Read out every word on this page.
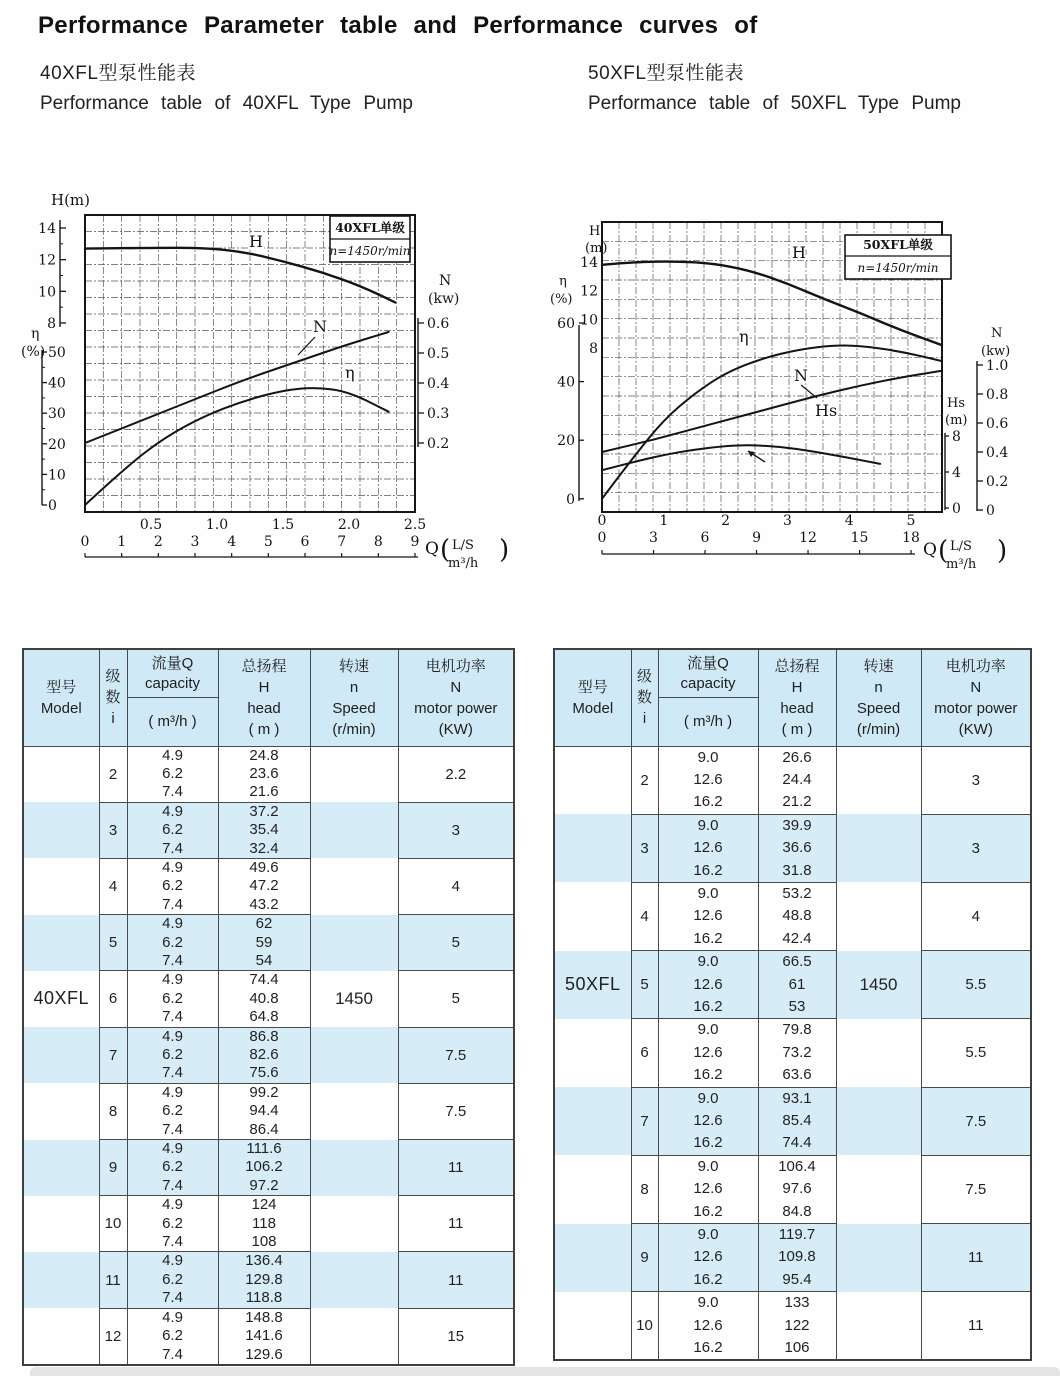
Performance Parameter table and Performance curves of
40XFL型泵性能表
Performance table of 40XFL Type Pump
50XFL型泵性能表
Performance table of 50XFL Type Pump
H(m)
14
12
10
8
η
(%) 50
40
30
20
10
0
N
(kw)
0.6
0.5
0.4
0.3
0.2
0.5	1.0	1.5	2.0	2.5
0 1 2 3 4 5 6 7 8 9 Q ( L/S
m³/h )
40XFL单级
n=1450r/min
H
N
η
H
(m)
14
12
10
8
η
(%)
60
40
20
0
N
(kw)
1.0
0.8
0.6
0.4
0.2
0
Hs
(m)
8
4
0
0	1	2	3	4	5
0	3	6	9	12 15 18
Q ( L/S
m³/h )
50XFL单级
n=1450r/min
H
η
N
Hs
型号
Model

级
数
i

流量Q
capacity
( m³/h )

总扬程
H
head
( m )

转速
n
Speed
(r/min)

电机功率
N
motor power
(KW)

	2	
4.9
6.2
7.4

24.8
23.6
21.6
		2.2
	3	
4.9
6.2
7.4

37.2
35.4
32.4
		3
	4	
4.9
6.2
7.4

49.6
47.2
43.2
		4
	5	
4.9
6.2
7.4

62
59
54
		5
40XFL	6	
4.9
6.2
7.4

74.4
40.8
64.8
	1450	5
	7	
4.9
6.2
7.4

86.8
82.6
75.6
		7.5
	8	
4.9
6.2
7.4

99.2
94.4
86.4
		7.5
	9	
4.9
6.2
7.4

111.6
106.2
97.2
		11
	10	
4.9
6.2
7.4

124
118
108
		11
	11	
4.9
6.2
7.4

136.4
129.8
118.8
		11
	12	
4.9
6.2
7.4

148.8
141.6
129.6
		15
型号
Model

级
数
i

流量Q
capacity
( m³/h )

总扬程
H
head
( m )

转速
n
Speed
(r/min)

电机功率
N
motor power
(KW)

	2	
9.0
12.6
16.2

26.6
24.4
21.2
		3
	3	
9.0
12.6
16.2

39.9
36.6
31.8
		3
	4	
9.0
12.6
16.2

53.2
48.8
42.4
		4
50XFL	5	
9.0
12.6
16.2

66.5
61
53
	1450	5.5
	6	
9.0
12.6
16.2

79.8
73.2
63.6
		5.5
	7	
9.0
12.6
16.2

93.1
85.4
74.4
		7.5
	8	
9.0
12.6
16.2

106.4
97.6
84.8
		7.5
	9	
9.0
12.6
16.2

119.7
109.8
95.4
		11
	10	
9.0
12.6
16.2

133
122
106
		11
